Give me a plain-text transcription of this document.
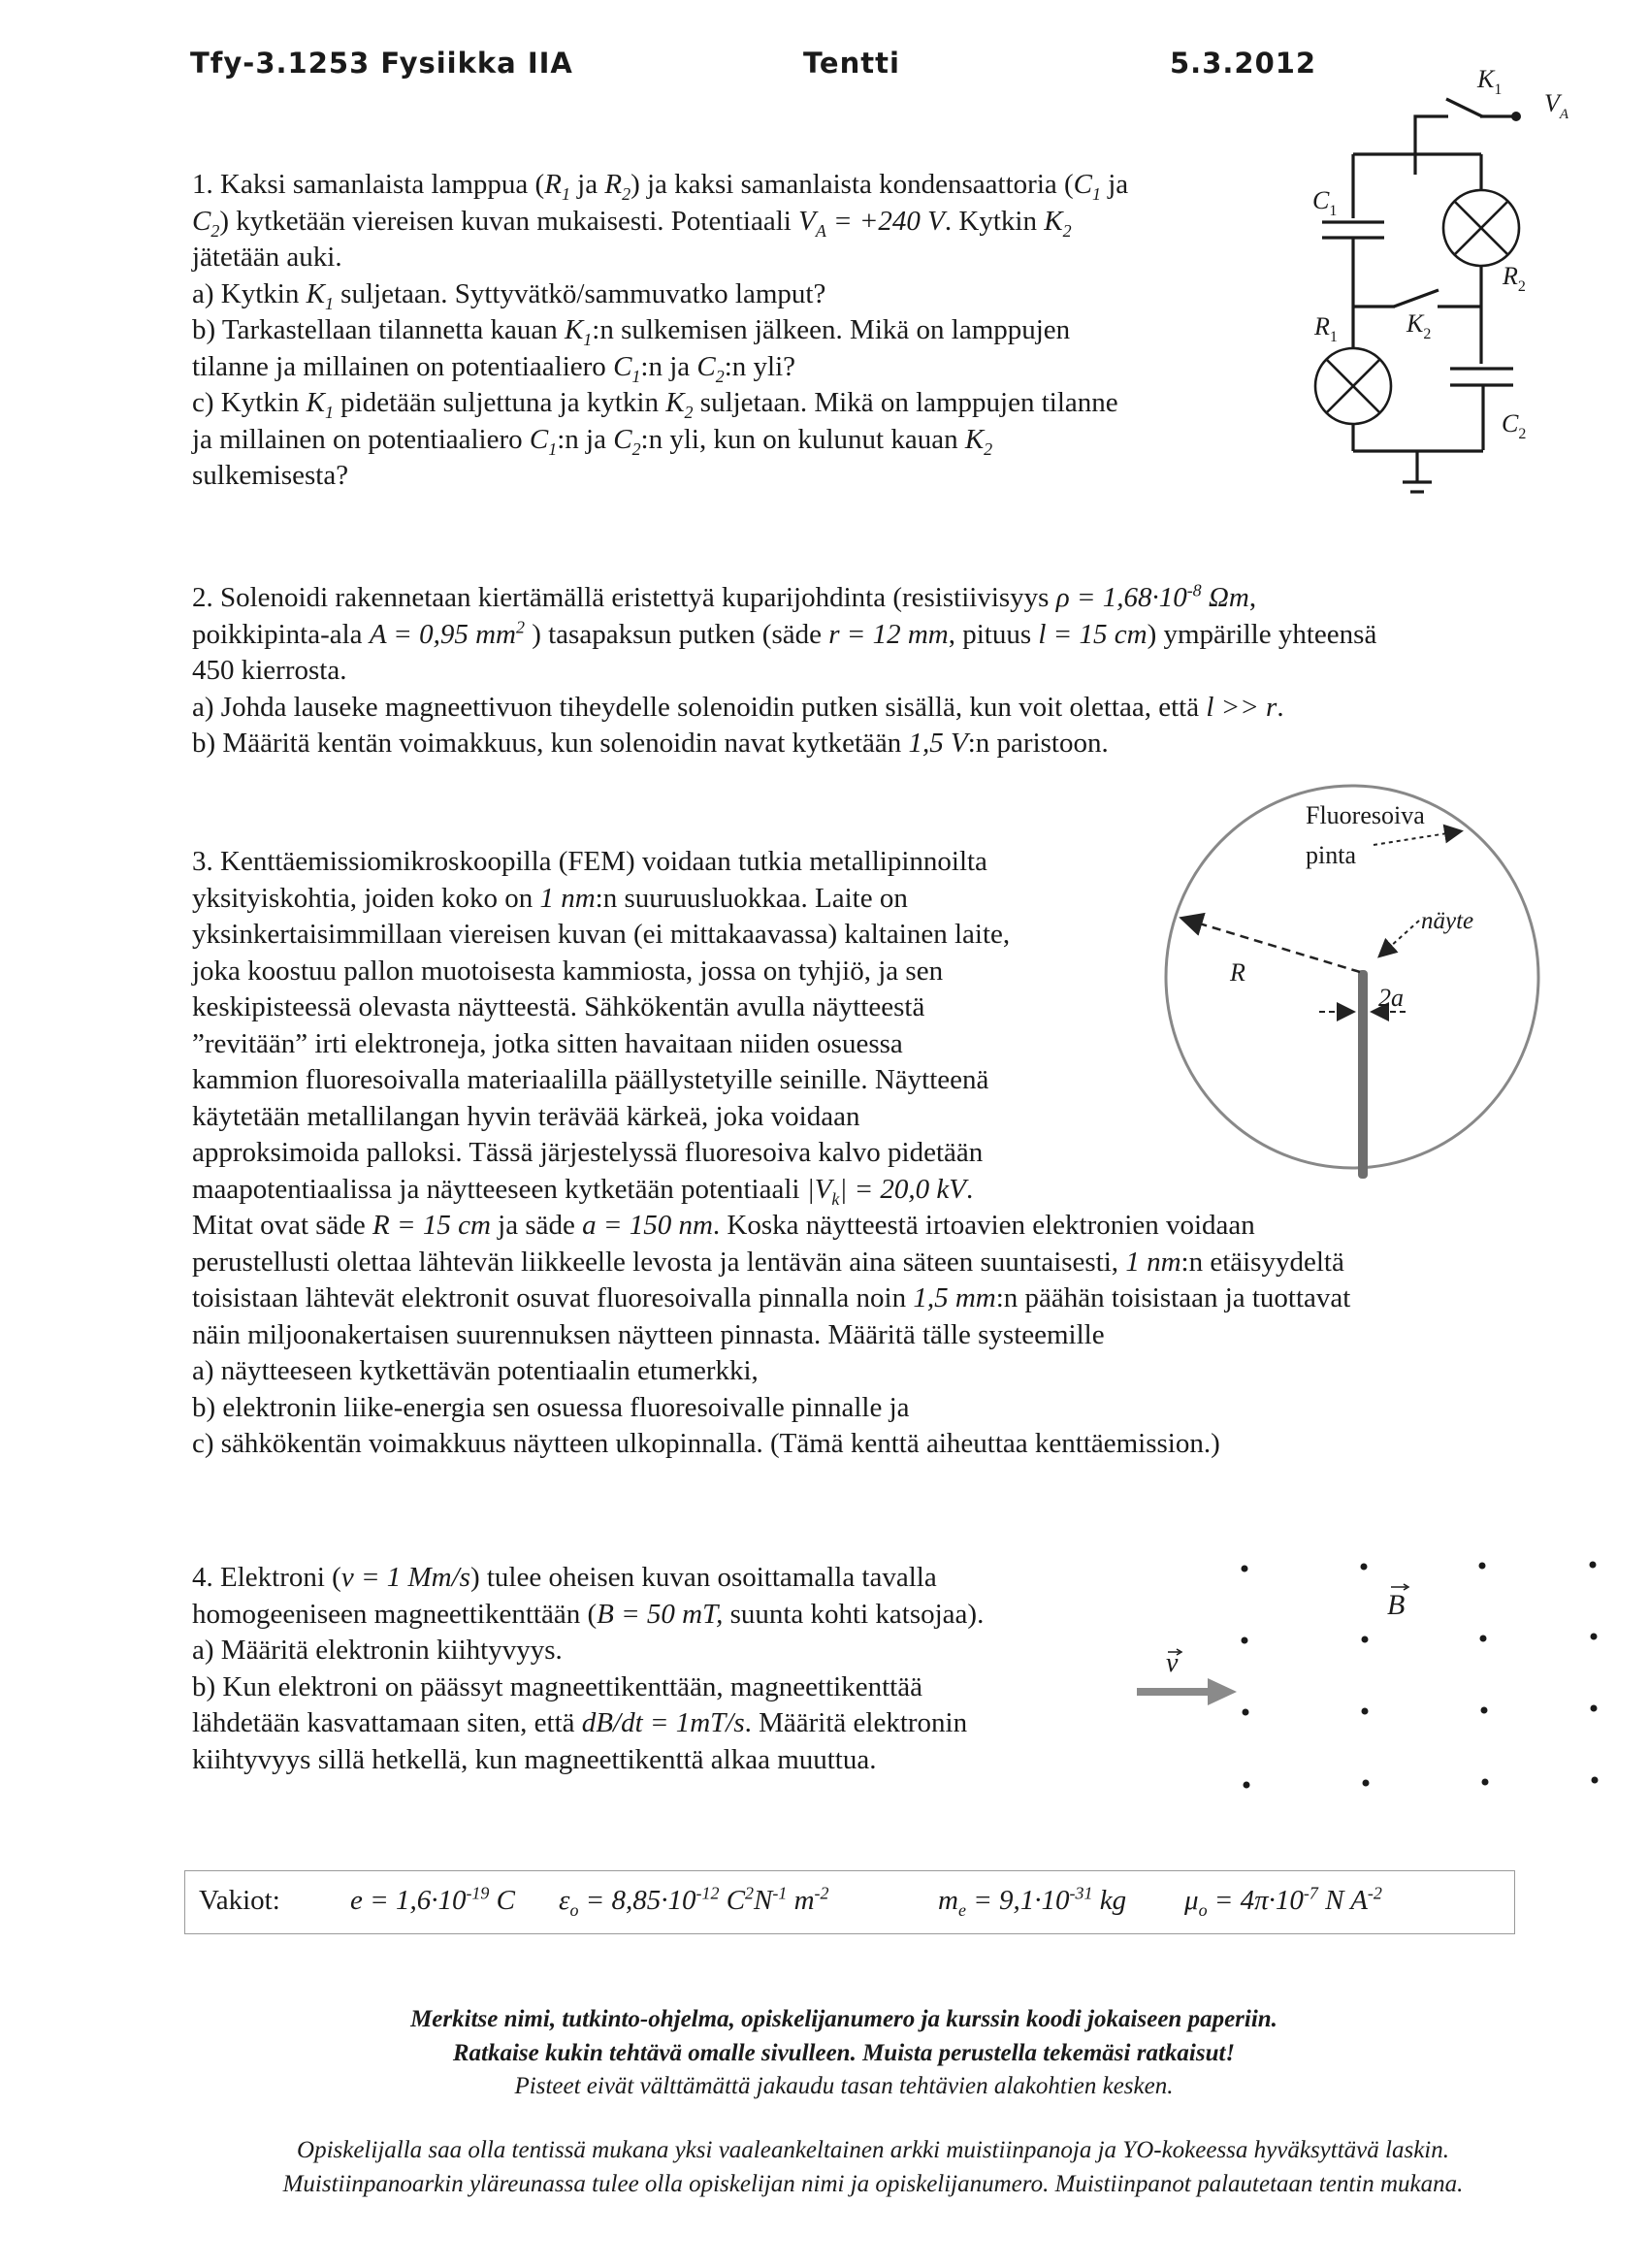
Tfy-3.1253 Fysiikka IIA	Tentti	5.3.2012
1. Kaksi samanlaista lamppua ($R_1$ ja $R_2$) ja kaksi samanlaista kondensaattoria ($C_1$ ja
$C_2$) kytketään viereisen kuvan mukaisesti. Potentiaali $V_A = +240$ V. Kytkin $K_2$
jätetään auki.
a) Kytkin $K_1$ suljetaan. Syttyvätkö/sammuvatko lamput?
b) Tarkastellaan tilannetta kauan $K_1:n$ sulkemisen jälkeen. Mikä on lamppujen
tilanne ja millainen on potentiaaliero $C_1:n$ ja $C_2:n$ yli?
c) Kytkin $K_1$ pidetään suljettuna ja kytkin $K_2$ suljetaan. Mikä on lamppujen tilanne
ja millainen on potentiaaliero $C_1:n$ ja $C_2:n$ yli, kun on kulunut kauan $K_2$
sulkemisesta?
$K_1$ $V_A$
$C_1$
$R_2$
$R_1$	$K_2$
$C_2$
2. Solenoidi rakennetaan kiertämällä eristettyä kuparijohdinta (resistiivisyys $\rho = 1,68\cdot 10^{-8}$ Ωm,
poikkipinta-ala A = 0,95 $mm^2$ ) tasapaksun putken (säde r = 12 mm, pituus l = 15 cm) ympärille yhteensä
450 kierrosta.
a) Johda lauseke magneettivuon tiheydelle solenoidin putken sisällä, kun voit olettaa, että l >> r.
b) Määritä kentän voimakkuus, kun solenoidin navat kytketään 1,5 V:n paristoon.
3. Kenttäemissiomikroskoopilla (FEM) voidaan tutkia metallipinnoilta
yksityiskohtia, joiden koko on 1 nm:n suuruusluokkaa. Laite on
yksinkertaisimmillaan viereisen kuvan (ei mittakaavassa) kaltainen laite,
joka koostuu pallon muotoisesta kammiosta, jossa on tyhjiö, ja sen
keskipisteessä olevasta näytteestä. Sähkökentän avulla näytteestä
”revitään” irti elektroneja, jotka sitten havaitaan niiden osuessa
kammion fluoresoivalla materiaalilla päällystetyille seinille. Näytteenä
käytetään metallilangan hyvin terävää kärkeä, joka voidaan
approksimoida palloksi. Tässä järjestelyssä fluoresoiva kalvo pidetään
maapotentiaalissa ja näytteeseen kytketään potentiaali $|V_k| = 20,0$ kV.
Mitat ovat säde R = 15 cm ja säde a = 150 nm. Koska näytteestä irtoavien elektronien voidaan
perustellusti olettaa lähtevän liikkeelle levosta ja lentävän aina säteen suuntaisesti, 1 nm:n etäisyydeltä
toisistaan lähtevät elektronit osuvat fluoresoivalla pinnalla noin 1,5 mm:n päähän toisistaan ja tuottavat
näin miljoonakertaisen suurennuksen näytteen pinnasta. Määritä tälle systeemille
a) näytteeseen kytkettävän potentiaalin etumerkki,
b) elektronin liike-energia sen osuessa fluoresoivalle pinnalle ja
c) sähkökentän voimakkuus näytteen ulkopinnalla. (Tämä kenttä aiheuttaa kenttäemission.)
Fluoresoiva
pinta
näyte
R
2a
4. Elektroni (v = 1 Mm/s) tulee oheisen kuvan osoittamalla tavalla
homogeeniseen magneettikenttään (B = 50 mT, suunta kohti katsojaa).
a) Määritä elektronin kiihtyvyys.
b) Kun elektroni on päässyt magneettikenttään, magneettikenttää
lähdetään kasvattamaan siten, että dB/dt = 1mT/s. Määritä elektronin
kiihtyvyys sillä hetkellä, kun magneettikenttä alkaa muuttua.
B
v
Vakiot: $e = 1,6\cdot 10^{-19}$ C $\varepsilon_o = 8,85\cdot 10^{-12}$ $C^2N^{-1}$ $m^{-2}$	$m_e = 9,1\cdot 10^{-31}$ kg $\mu_o = 4\pi\cdot 10^{-7}$ N $A^{-2}$
Merkitse nimi, tutkinto-ohjelma, opiskelijanumero ja kurssin koodi jokaiseen paperiin.
Ratkaise kukin tehtävä omalle sivulleen. Muista perustella tekemäsi ratkaisut!
Pisteet eivät välttämättä jakaudu tasan tehtävien alakohtien kesken.
Opiskelijalla saa olla tentissä mukana yksi vaaleankeltainen arkki muistiinpanoja ja YO-kokeessa hyväksyttävä laskin.
Muistiinpanoarkin yläreunassa tulee olla opiskelijan nimi ja opiskelijanumero. Muistiinpanot palautetaan tentin mukana.
